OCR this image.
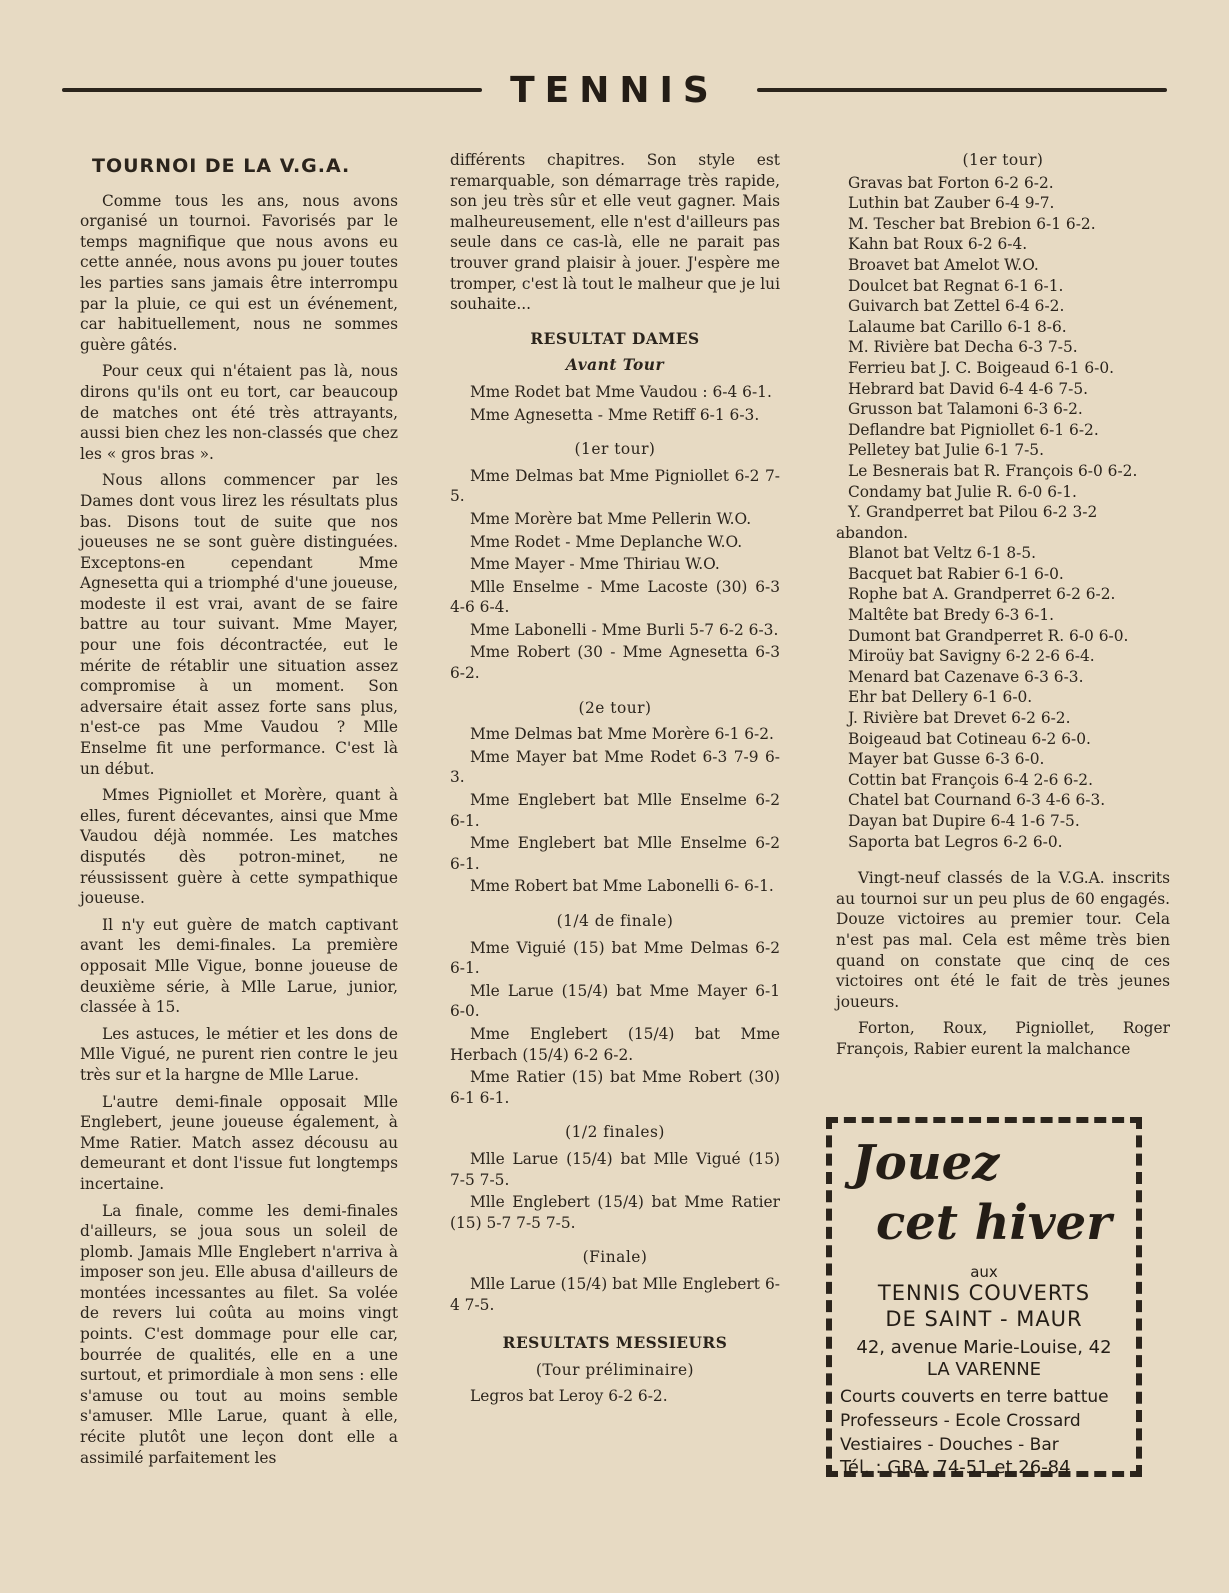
TENNIS
TOURNOI DE LA V.G.A.

Comme tous les ans, nous avons organisé un tournoi. Favorisés par le temps magnifique que nous avons eu cette année, nous avons pu jouer toutes les parties sans jamais être interrompu par la pluie, ce qui est un événement, car habituellement, nous ne sommes guère gâtés.

Pour ceux qui n'étaient pas là, nous dirons qu'ils ont eu tort, car beaucoup de matches ont été très attrayants, aussi bien chez les non-classés que chez les « gros bras ».

Nous allons commencer par les Dames dont vous lirez les résultats plus bas. Disons tout de suite que nos joueuses ne se sont guère distinguées. Exceptons-en cependant Mme Agnesetta qui a triomphé d'une joueuse, modeste il est vrai, avant de se faire battre au tour suivant. Mme Mayer, pour une fois décontractée, eut le mérite de rétablir une situation assez compromise à un moment. Son adversaire était assez forte sans plus, n'est-ce pas Mme Vaudou ? Mlle Enselme fit une performance. C'est là un début.

Mmes Pigniollet et Morère, quant à elles, furent décevantes, ainsi que Mme Vaudou déjà nommée. Les matches disputés dès potron-minet, ne réussissent guère à cette sympathique joueuse.

Il n'y eut guère de match captivant avant les demi-finales. La première opposait Mlle Vigue, bonne joueuse de deuxième série, à Mlle Larue, junior, classée à 15.

Les astuces, le métier et les dons de Mlle Vigué, ne purent rien contre le jeu très sur et la hargne de Mlle Larue.

L'autre demi-finale opposait Mlle Englebert, jeune joueuse également, à Mme Ratier. Match assez décousu au demeurant et dont l'issue fut longtemps incertaine.

La finale, comme les demi-finales d'ailleurs, se joua sous un soleil de plomb. Jamais Mlle Englebert n'arriva à imposer son jeu. Elle abusa d'ailleurs de montées incessantes au filet. Sa volée de revers lui coûta au moins vingt points. C'est dommage pour elle car, bourrée de qualités, elle en a une surtout, et primordiale à mon sens : elle s'amuse ou tout au moins semble s'amuser. Mlle Larue, quant à elle, récite plutôt une leçon dont elle a assimilé parfaitement les

différents chapitres. Son style est remarquable, son démarrage très rapide, son jeu très sûr et elle veut gagner. Mais malheureusement, elle n'est d'ailleurs pas seule dans ce cas-là, elle ne parait pas trouver grand plaisir à jouer. J'espère me tromper, c'est là tout le malheur que je lui souhaite...

RESULTAT DAMES
Avant Tour
Mme Rodet bat Mme Vaudou : 6-4 6-1.
Mme Agnesetta - Mme Retiff 6-1 6-3.
(1er tour)
Mme Delmas bat Mme Pigniollet 6-2 7-5.
Mme Morère bat Mme Pellerin W.O.
Mme Rodet - Mme Deplanche W.O.
Mme Mayer - Mme Thiriau W.O.
Mlle Enselme - Mme Lacoste (30) 6-3 4-6 6-4.
Mme Labonelli - Mme Burli 5-7 6-2 6-3.
Mme Robert (30 - Mme Agnesetta 6-3 6-2.
(2e tour)
Mme Delmas bat Mme Morère 6-1 6-2.
Mme Mayer bat Mme Rodet 6-3 7-9 6-3.
Mme Englebert bat Mlle Enselme 6-2 6-1.
Mme Englebert bat Mlle Enselme 6-2 6-1.
Mme Robert bat Mme Labonelli 6- 6-1.
(1/4 de finale)
Mme Viguié (15) bat Mme Delmas 6-2 6-1.
Mle Larue (15/4) bat Mme Mayer 6-1 6-0.
Mme Englebert (15/4) bat Mme Herbach (15/4) 6-2 6-2.
Mme Ratier (15) bat Mme Robert (30) 6-1 6-1.
(1/2 finales)
Mlle Larue (15/4) bat Mlle Vigué (15) 7-5 7-5.
Mlle Englebert (15/4) bat Mme Ratier (15) 5-7 7-5 7-5.
(Finale)
Mlle Larue (15/4) bat Mlle Englebert 6-4 7-5.
RESULTATS MESSIEURS
(Tour préliminaire)
Legros bat Leroy 6-2 6-2.
(1er tour)
Gravas bat Forton 6-2 6-2.
Luthin bat Zauber 6-4 9-7.
M. Tescher bat Brebion 6-1 6-2.
Kahn bat Roux 6-2 6-4.
Broavet bat Amelot W.O.
Doulcet bat Regnat 6-1 6-1.
Guivarch bat Zettel 6-4 6-2.
Lalaume bat Carillo 6-1 8-6.
M. Rivière bat Decha 6-3 7-5.
Ferrieu bat J. C. Boigeaud 6-1 6-0.
Hebrard bat David 6-4 4-6 7-5.
Grusson bat Talamoni 6-3 6-2.
Deflandre bat Pigniollet 6-1 6-2.
Pelletey bat Julie 6-1 7-5.
Le Besnerais bat R. François 6-0 6-2.
Condamy bat Julie R. 6-0 6-1.
Y. Grandperret bat Pilou 6-2 3-2 abandon.
Blanot bat Veltz 6-1 8-5.
Bacquet bat Rabier 6-1 6-0.
Rophe bat A. Grandperret 6-2 6-2.
Maltête bat Bredy 6-3 6-1.
Dumont bat Grandperret R. 6-0 6-0.
Miroüy bat Savigny 6-2 2-6 6-4.
Menard bat Cazenave 6-3 6-3.
Ehr bat Dellery 6-1 6-0.
J. Rivière bat Drevet 6-2 6-2.
Boigeaud bat Cotineau 6-2 6-0.
Mayer bat Gusse 6-3 6-0.
Cottin bat François 6-4 2-6 6-2.
Chatel bat Cournand 6-3 4-6 6-3.
Dayan bat Dupire 6-4 1-6 7-5.
Saporta bat Legros 6-2 6-0.

Vingt-neuf classés de la V.G.A. inscrits au tournoi sur un peu plus de 60 engagés. Douze victoires au premier tour. Cela n'est pas mal. Cela est même très bien quand on constate que cinq de ces victoires ont été le fait de très jeunes joueurs.

Forton, Roux, Pigniollet, Roger François, Rabier eurent la malchance

Jouez
cet hiver
aux
TENNIS COUVERTS
DE SAINT - MAUR
42, avenue Marie-Louise, 42
LA VARENNE
Courts couverts en terre battue
Professeurs - Ecole Crossard
Vestiaires - Douches - Bar
Tél. : GRA. 74-51 et 26-84
